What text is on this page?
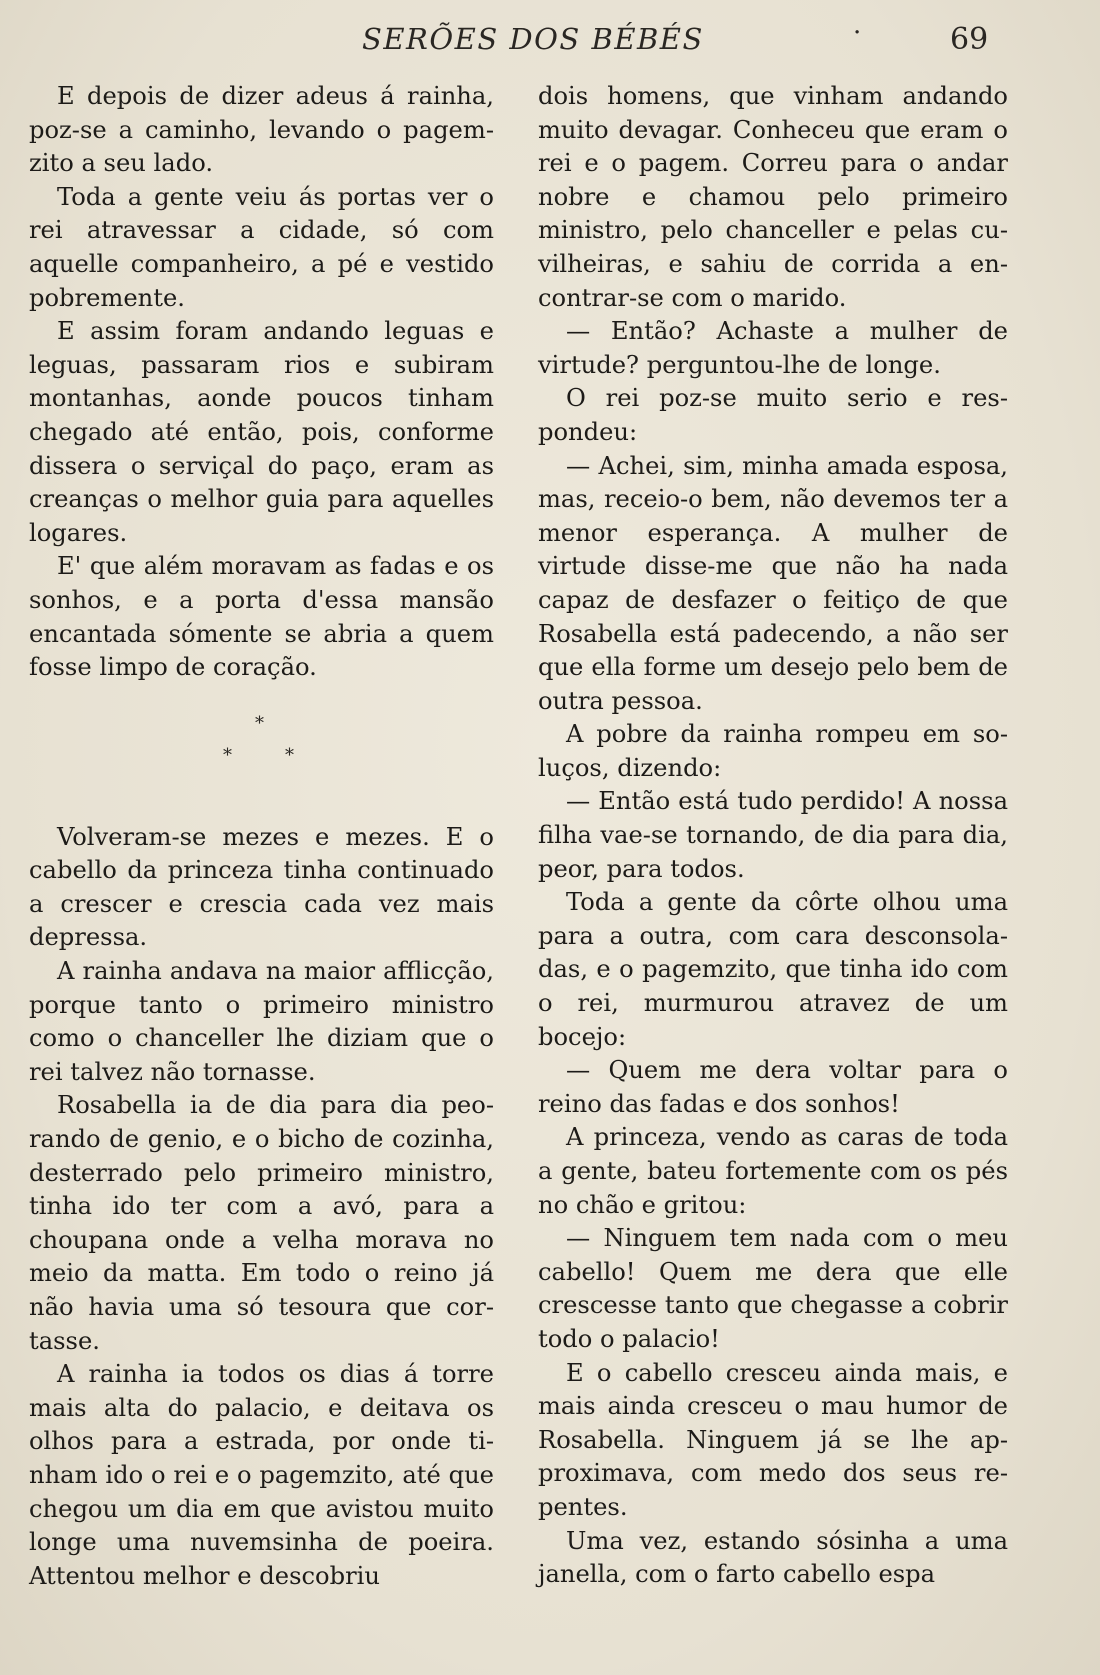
SERÕES DOS BÉBÉS	·	69

E depois de dizer adeus á rainha, poz-se a caminho, levando o pagemzito a seu lado.

Toda a gente veiu ás portas ver o rei atravessar a cidade, só com aquelle companheiro, a pé e vestido pobremente.

E assim foram andando leguas e leguas, passaram rios e subiram montanhas, aonde poucos tinham chegado até então, pois, conforme dissera o serviçal do paço, eram as creanças o melhor guia para aquelles logares.

E' que além moravam as fadas e os sonhos, e a porta d'essa mansão encantada sómente se abria a quem fosse limpo de coração.

*
*	*

Volveram-se mezes e mezes. E o cabello da princeza tinha continuado a crescer e crescia cada vez mais depressa.

A rainha andava na maior afflicção, porque tanto o primeiro ministro como o chanceller lhe diziam que o rei talvez não tornasse.

Rosabella ia de dia para dia peorando de genio, e o bicho de cozinha, desterrado pelo primeiro ministro, tinha ido ter com a avó, para a choupana onde a velha morava no meio da matta. Em todo o reino já não havia uma só tesoura que cortasse.

A rainha ia todos os dias á torre mais alta do palacio, e deitava os olhos para a estrada, por onde tinham ido o rei e o pagemzito, até que chegou um dia em que avistou muito longe uma nuvemsinha de poeira. Attentou melhor e descobriu

dois homens, que vinham andando muito devagar. Conheceu que eram o rei e o pagem. Correu para o andar nobre e chamou pelo primeiro ministro, pelo chanceller e pelas cuvilheiras, e sahiu de corrida a encontrar-se com o marido.

— Então? Achaste a mulher de virtude? perguntou-lhe de longe.

O rei poz-se muito serio e respondeu:

— Achei, sim, minha amada esposa, mas, receio-o bem, não devemos ter a menor esperança. A mulher de virtude disse-me que não ha nada capaz de desfazer o feitiço de que Rosabella está padecendo, a não ser que ella forme um desejo pelo bem de outra pessoa.

A pobre da rainha rompeu em soluços, dizendo:

— Então está tudo perdido! A nossa filha vae-se tornando, de dia para dia, peor, para todos.

Toda a gente da côrte olhou uma para a outra, com cara desconsoladas, e o pagemzito, que tinha ido com o rei, murmurou atravez de um bocejo:

— Quem me dera voltar para o reino das fadas e dos sonhos!

A princeza, vendo as caras de toda a gente, bateu fortemente com os pés no chão e gritou:

— Ninguem tem nada com o meu cabello! Quem me dera que elle crescesse tanto que chegasse a cobrir todo o palacio!

E o cabello cresceu ainda mais, e mais ainda cresceu o mau humor de Rosabella. Ninguem já se lhe approximava, com medo dos seus repentes.

Uma vez, estando sósinha a uma janella, com o farto cabello espa
